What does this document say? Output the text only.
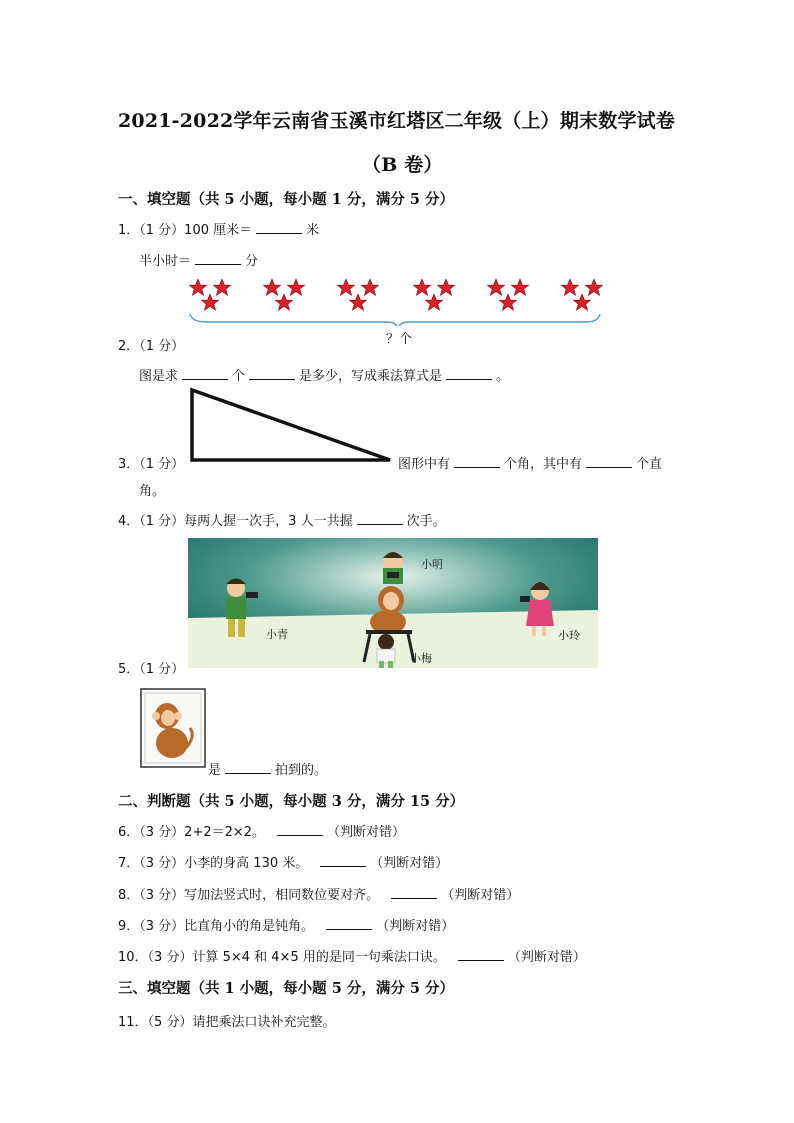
2021-2022学年云南省玉溪市红塔区二年级（上）期末数学试卷
（B 卷）
一、填空题（共 5 小题，每小题 1 分，满分 5 分）
1．（1 分）100 厘米＝	米
半小时＝	分
？个
2．（1 分）
图是求	个	是多少，写成乘法算式是	。
3．（1 分）	图形中有	个角，其中有	个直
角。
4．（1 分）每两人握一次手，3 人一共握	次手。
小明
小青	小玲
小梅
5．（1 分）
是	拍到的。
二、判断题（共 5 小题，每小题 3 分，满分 15 分）
6．（3 分）2+2＝2×2。	（判断对错）
7．（3 分）小李的身高 130 米。	（判断对错）
8．（3 分）写加法竖式时，相同数位要对齐。	（判断对错）
9．（3 分）比直角小的角是钝角。	（判断对错）
10．（3 分）计算 5×4 和 4×5 用的是同一句乘法口诀。	（判断对错）
三、填空题（共 1 小题，每小题 5 分，满分 5 分）
11．（5 分）请把乘法口诀补充完整。
